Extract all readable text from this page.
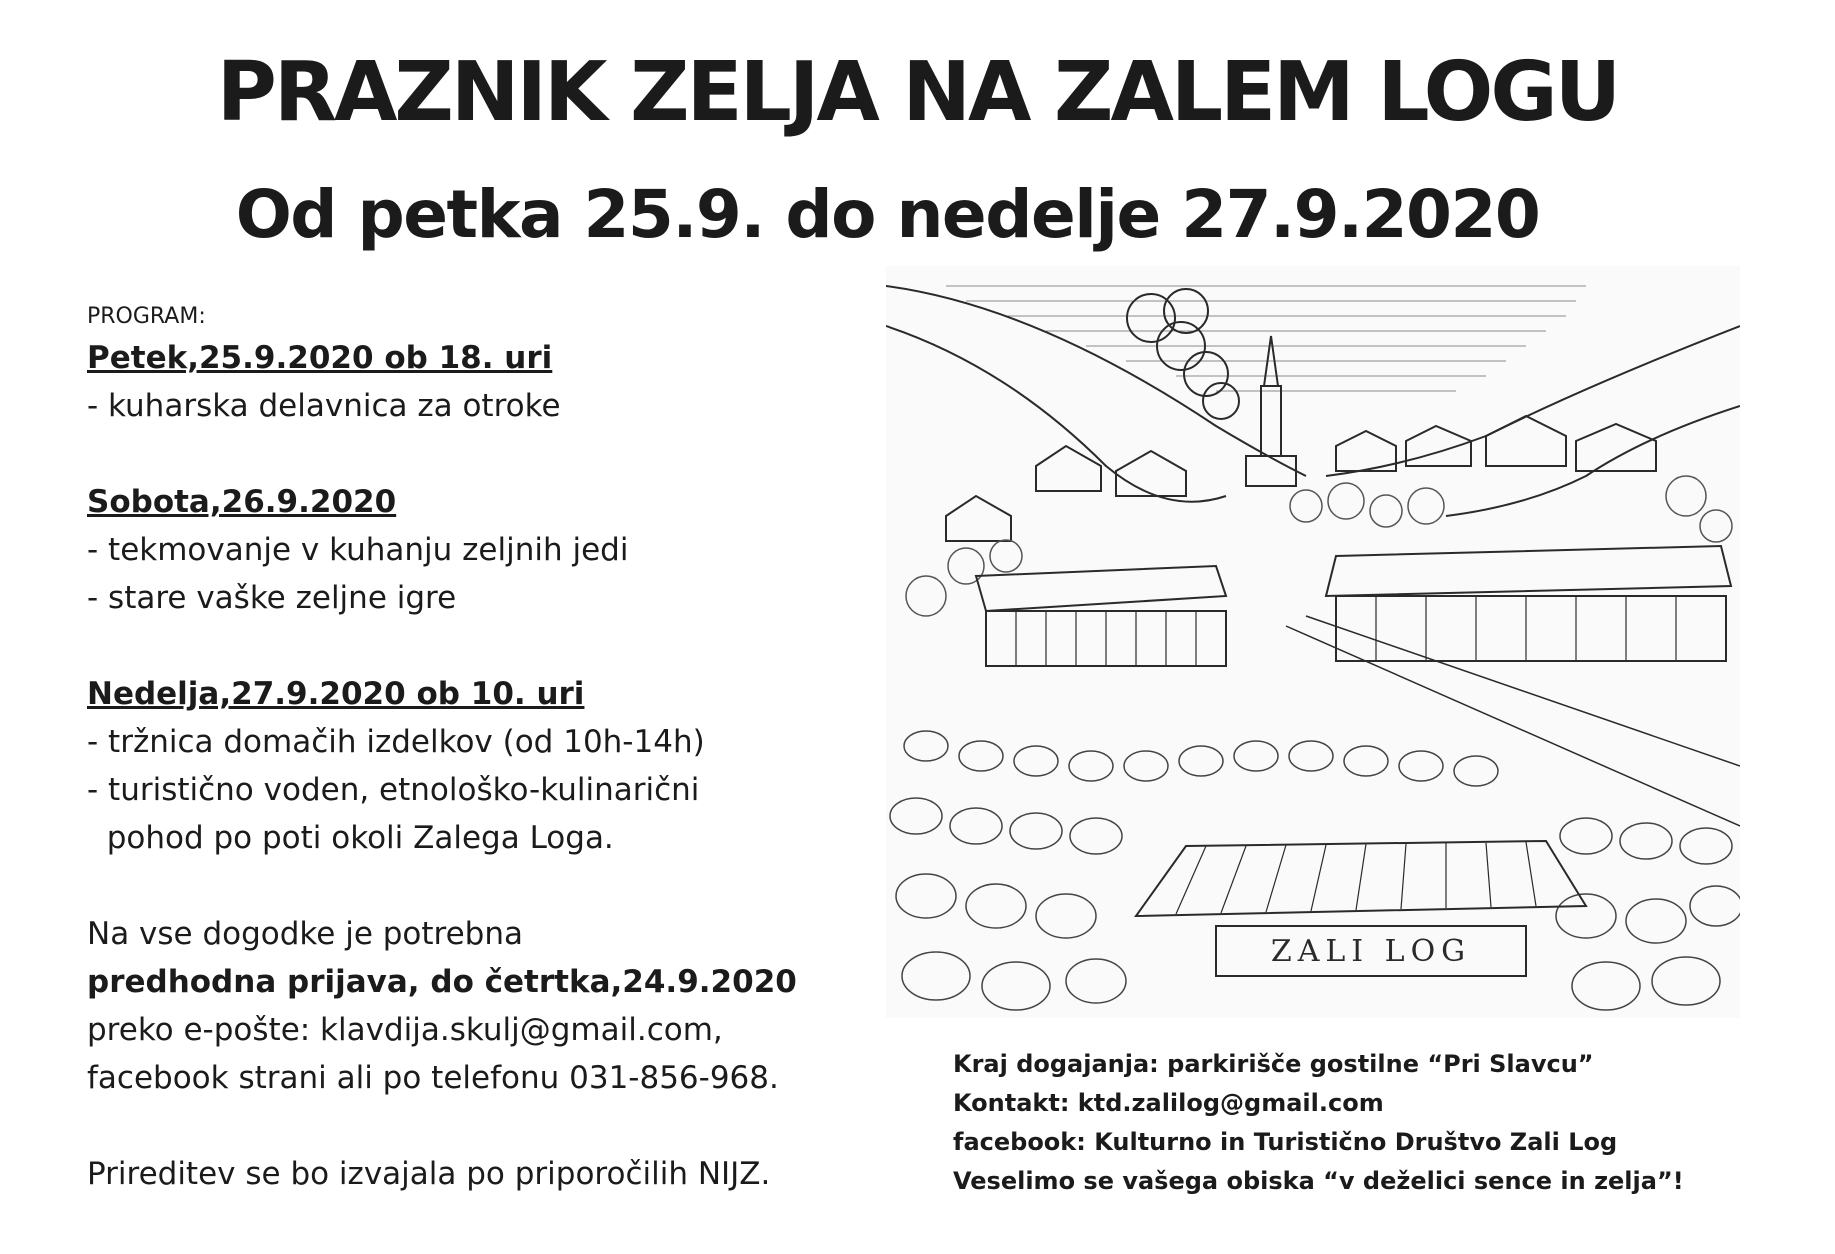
PRAZNIK ZELJA NA ZALEM LOGU
Od petka 25.9. do nedelje 27.9.2020
PROGRAM:
Petek,25.9.2020 ob 18. uri
- kuharska delavnica za otroke
Sobota,26.9.2020
- tekmovanje v kuhanju zeljnih jedi
- stare vaške zeljne igre
Nedelja,27.9.2020 ob 10. uri
- tržnica domačih izdelkov (od 10h-14h)
- turistično voden, etnološko-kulinarični
pohod po poti okoli Zalega Loga.
Na vse dogodke je potrebna
predhodna prijava, do četrtka,24.9.2020
preko e-pošte: klavdija.skulj@gmail.com,
facebook strani ali po telefonu 031-856-968.
Prireditev se bo izvajala po priporočilih NIJZ.
ZALI LOG
Kraj dogajanja: parkirišče gostilne “Pri Slavcu”
Kontakt: ktd.zalilog@gmail.com
facebook: Kulturno in Turistično Društvo Zali Log
Veselimo se vašega obiska “v deželici sence in zelja”!
